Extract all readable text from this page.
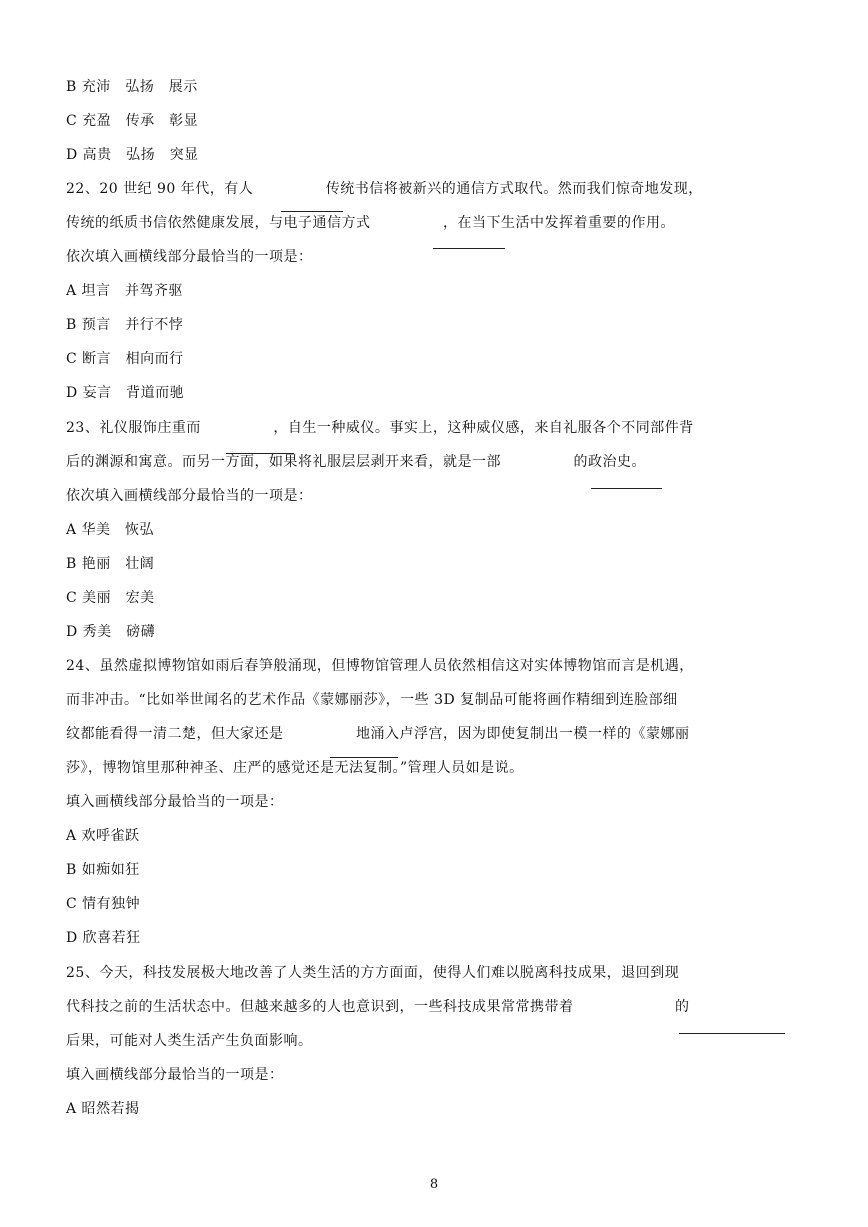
B 充沛　弘扬　展示
C 充盈　传承　彰显
D 高贵　弘扬　突显
22、20 世纪 90 年代，有人　　　　　传统书信将被新兴的通信方式取代。然而我们惊奇地发现，
传统的纸质书信依然健康发展，与电子通信方式　　　　　，在当下生活中发挥着重要的作用。
依次填入画横线部分最恰当的一项是：
A 坦言　并驾齐驱
B 预言　并行不悖
C 断言　相向而行
D 妄言　背道而驰
23、礼仪服饰庄重而　　　　　，自生一种威仪。事实上，这种威仪感，来自礼服各个不同部件背
后的渊源和寓意。而另一方面，如果将礼服层层剥开来看，就是一部　　　　　的政治史。
依次填入画横线部分最恰当的一项是：
A 华美　恢弘
B 艳丽　壮阔
C 美丽　宏美
D 秀美　磅礴
24、虽然虚拟博物馆如雨后春笋般涌现，但博物馆管理人员依然相信这对实体博物馆而言是机遇，
而非冲击。“比如举世闻名的艺术作品《蒙娜丽莎》，一些 3D 复制品可能将画作精细到连脸部细
纹都能看得一清二楚，但大家还是　　　　　地涌入卢浮宫，因为即使复制出一模一样的《蒙娜丽
莎》，博物馆里那种神圣、庄严的感觉还是无法复制。”管理人员如是说。
填入画横线部分最恰当的一项是：
A 欢呼雀跃
B 如痴如狂
C 情有独钟
D 欣喜若狂
25、今天，科技发展极大地改善了人类生活的方方面面，使得人们难以脱离科技成果，退回到现
代科技之前的生活状态中。但越来越多的人也意识到，一些科技成果常常携带着　　　　　　　的
后果，可能对人类生活产生负面影响。
填入画横线部分最恰当的一项是：
A 昭然若揭
8
